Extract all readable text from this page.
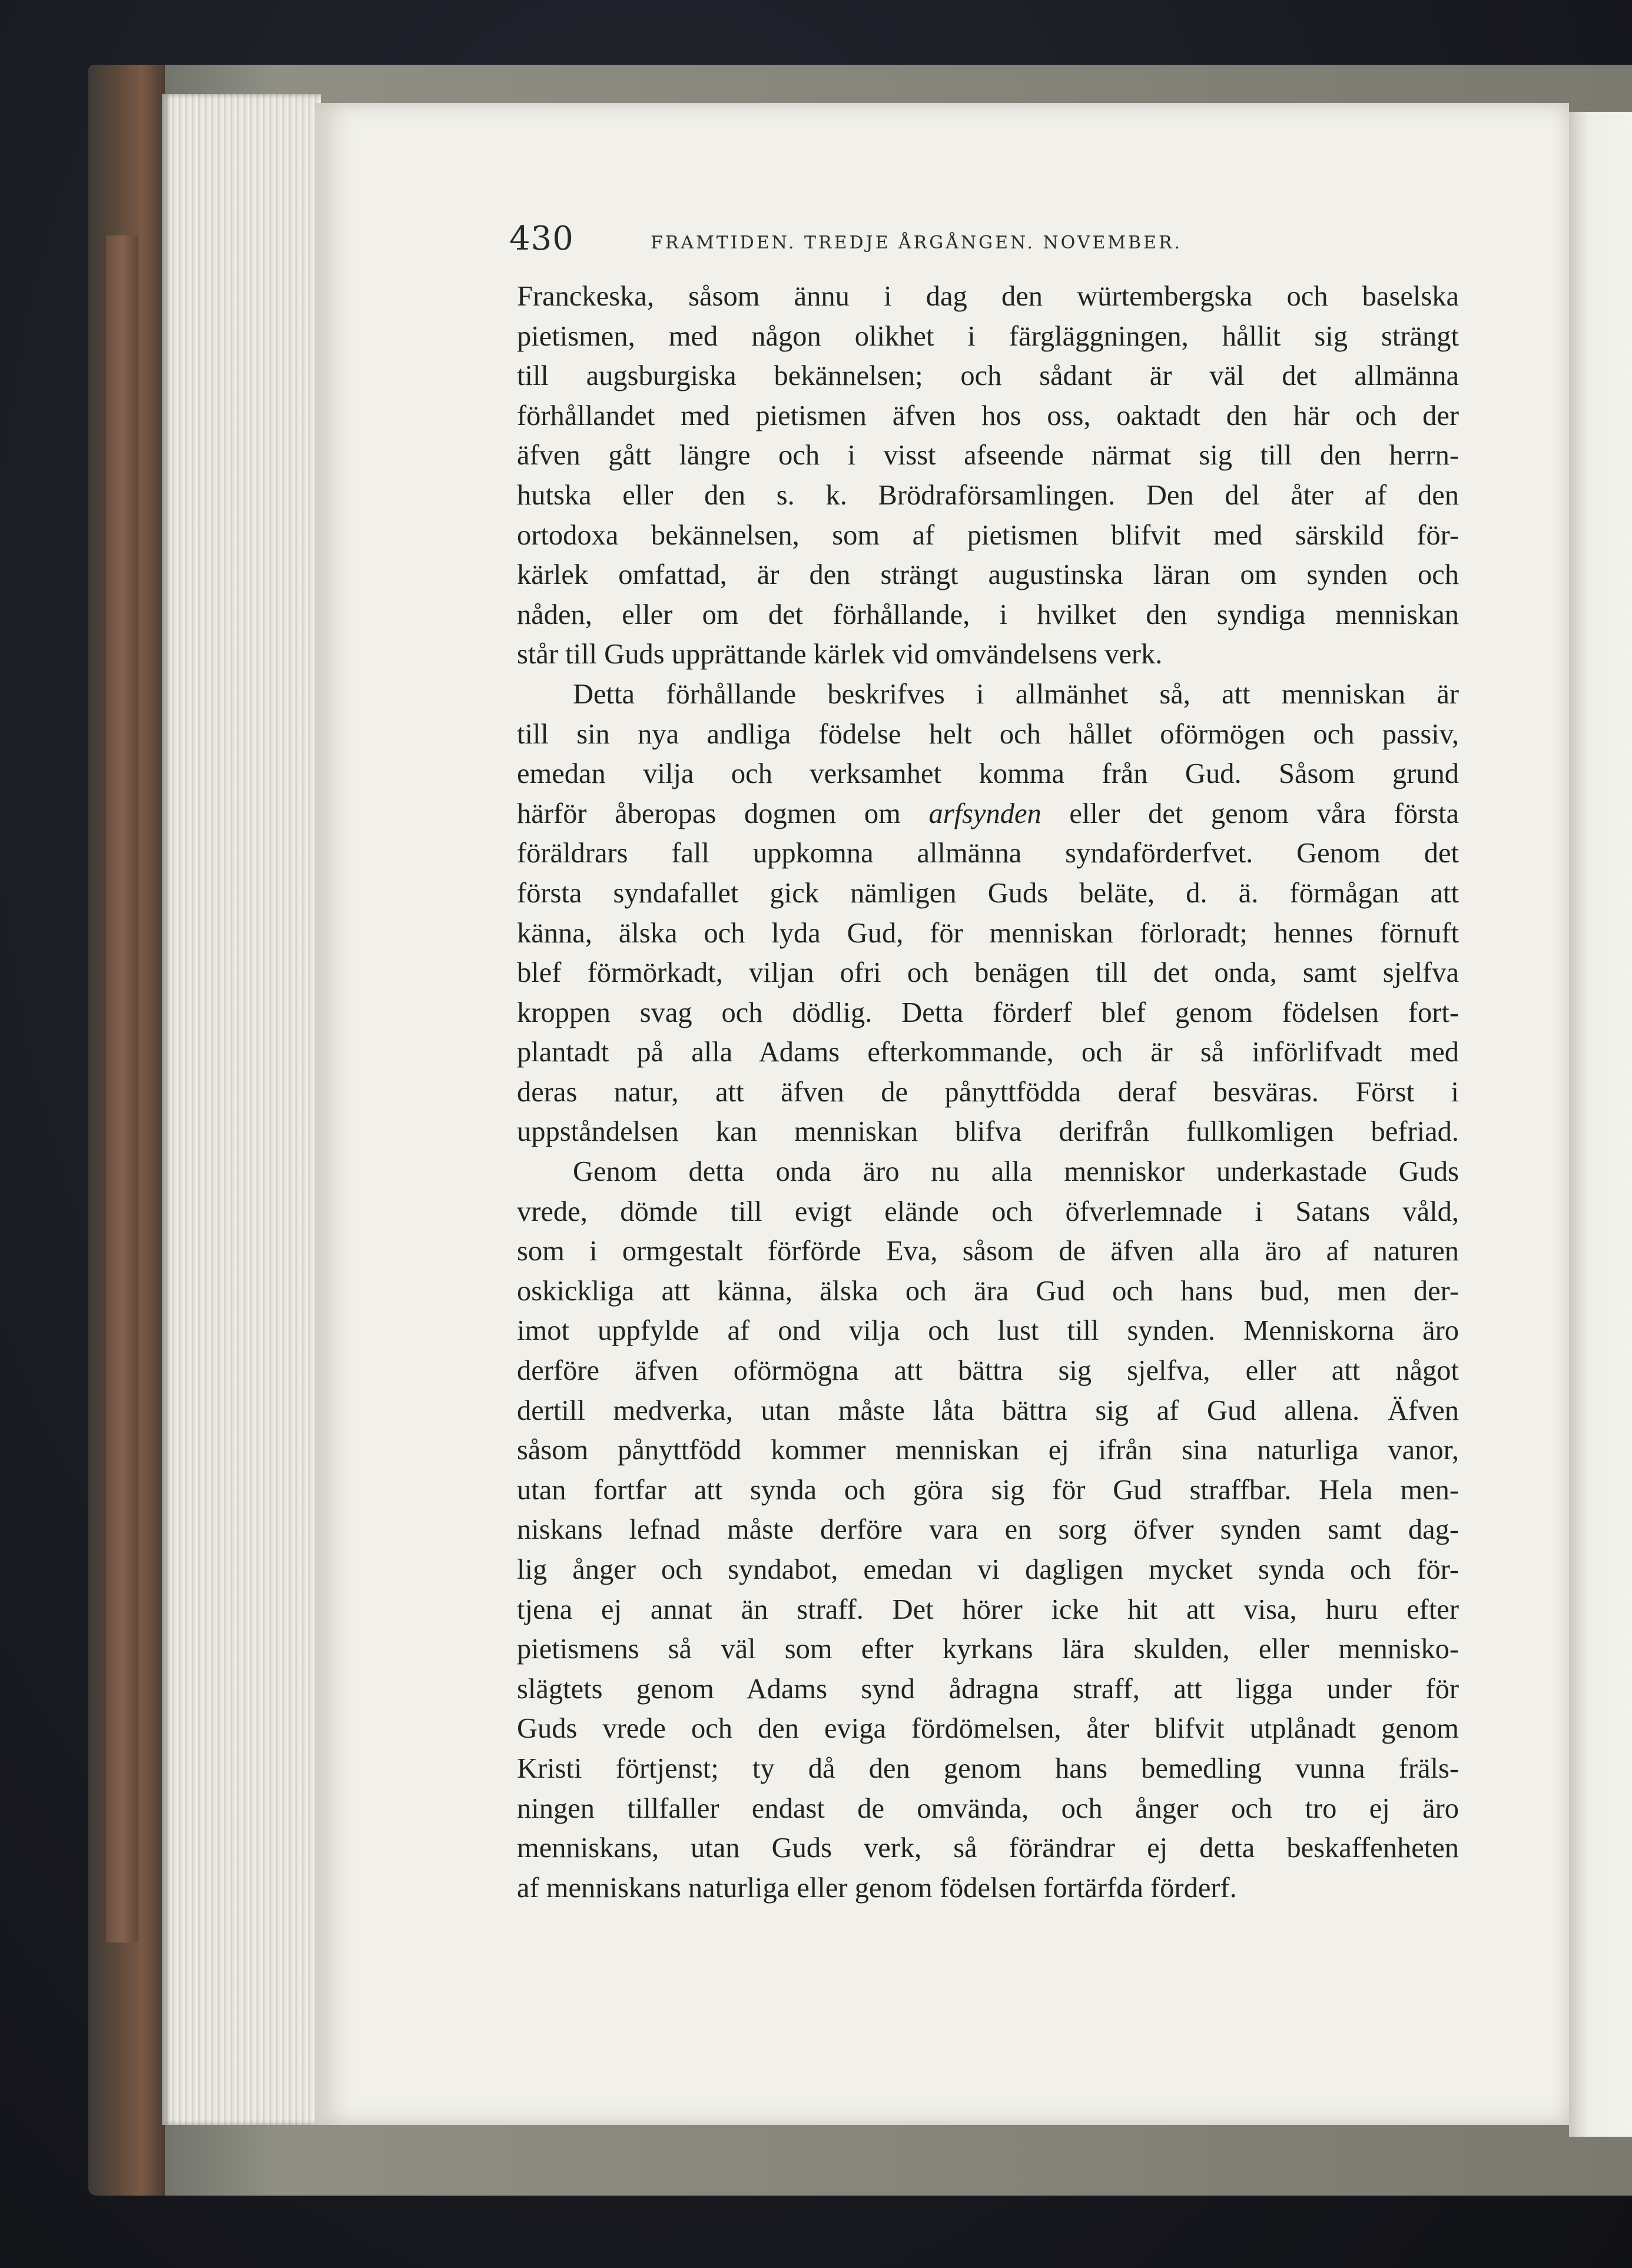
430	FRAMTIDEN. TREDJE ÅRGÅNGEN. NOVEMBER.
Franckeska, såsom ännu i dag den würtembergska och baselska
pietismen, med någon olikhet i färgläggningen, hållit sig strängt
till augsburgiska bekännelsen; och sådant är väl det allmänna
förhållandet med pietismen äfven hos oss, oaktadt den här och der
äfven gått längre och i visst afseende närmat sig till den herrn-
hutska eller den s. k. Brödraförsamlingen. Den del åter af den
ortodoxa bekännelsen, som af pietismen blifvit med särskild för-
kärlek omfattad, är den strängt augustinska läran om synden och
nåden, eller om det förhållande, i hvilket den syndiga menniskan
står till Guds upprättande kärlek vid omvändelsens verk.
Detta förhållande beskrifves i allmänhet så, att menniskan är
till sin nya andliga födelse helt och hållet oförmögen och passiv,
emedan vilja och verksamhet komma från Gud. Såsom grund
härför åberopas dogmen om arfsynden eller det genom våra första
föräldrars fall uppkomna allmänna syndaförderfvet. Genom det
första syndafallet gick nämligen Guds beläte, d. ä. förmågan att
känna, älska och lyda Gud, för menniskan förloradt; hennes förnuft
blef förmörkadt, viljan ofri och benägen till det onda, samt sjelfva
kroppen svag och dödlig. Detta förderf blef genom födelsen fort-
plantadt på alla Adams efterkommande, och är så införlifvadt med
deras natur, att äfven de pånyttfödda deraf besväras. Först i
uppståndelsen kan menniskan blifva derifrån fullkomligen befriad.
Genom detta onda äro nu alla menniskor underkastade Guds
vrede, dömde till evigt elände och öfverlemnade i Satans våld,
som i ormgestalt förförde Eva, såsom de äfven alla äro af naturen
oskickliga att känna, älska och ära Gud och hans bud, men der-
imot uppfylde af ond vilja och lust till synden. Menniskorna äro
derföre äfven oförmögna att bättra sig sjelfva, eller att något
dertill medverka, utan måste låta bättra sig af Gud allena. Äfven
såsom pånyttfödd kommer menniskan ej ifrån sina naturliga vanor,
utan fortfar att synda och göra sig för Gud straffbar. Hela men-
niskans lefnad måste derföre vara en sorg öfver synden samt dag-
lig ånger och syndabot, emedan vi dagligen mycket synda och för-
tjena ej annat än straff. Det hörer icke hit att visa, huru efter
pietismens så väl som efter kyrkans lära skulden, eller mennisko-
slägtets genom Adams synd ådragna straff, att ligga under för
Guds vrede och den eviga fördömelsen, åter blifvit utplånadt genom
Kristi förtjenst; ty då den genom hans bemedling vunna fräls-
ningen tillfaller endast de omvända, och ånger och tro ej äro
menniskans, utan Guds verk, så förändrar ej detta beskaffenheten
af menniskans naturliga eller genom födelsen fortärfda förderf.
